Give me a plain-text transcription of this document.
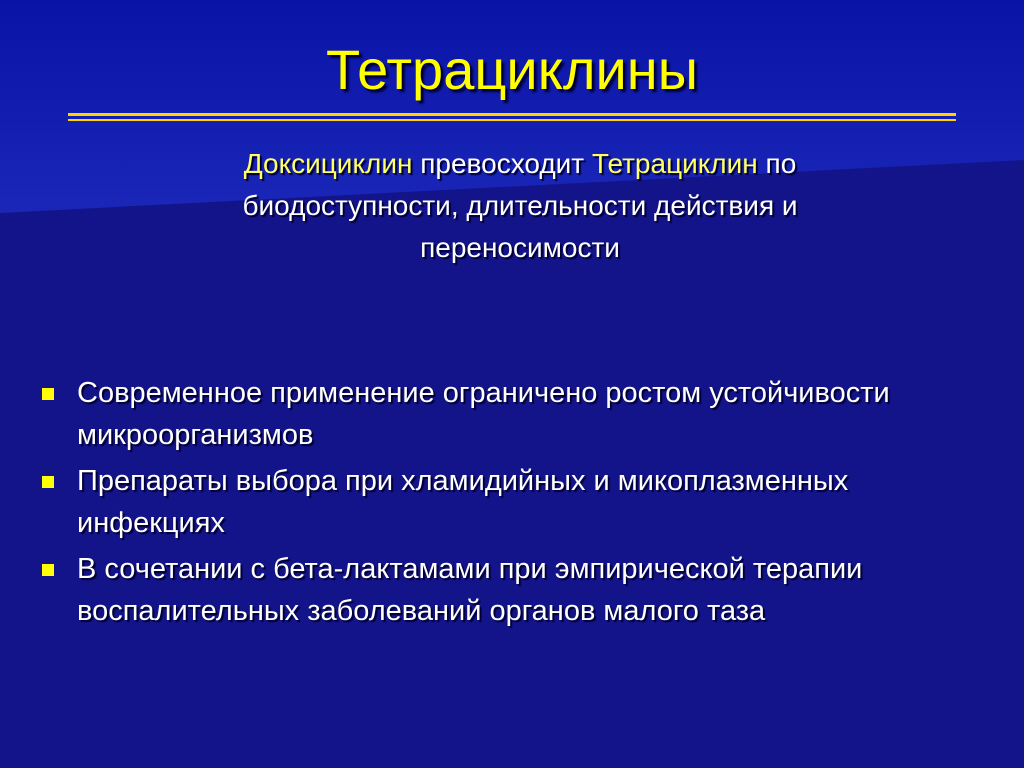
Тетрациклины
Доксициклин превосходит Тетрациклин по биодоступности, длительности действия и переносимости
Современное применение ограничено ростом устойчивости микроорганизмов
Препараты выбора при хламидийных и микоплазменных инфекциях
В сочетании с бета-лактамами при эмпирической терапии воспалительных заболеваний органов малого таза
